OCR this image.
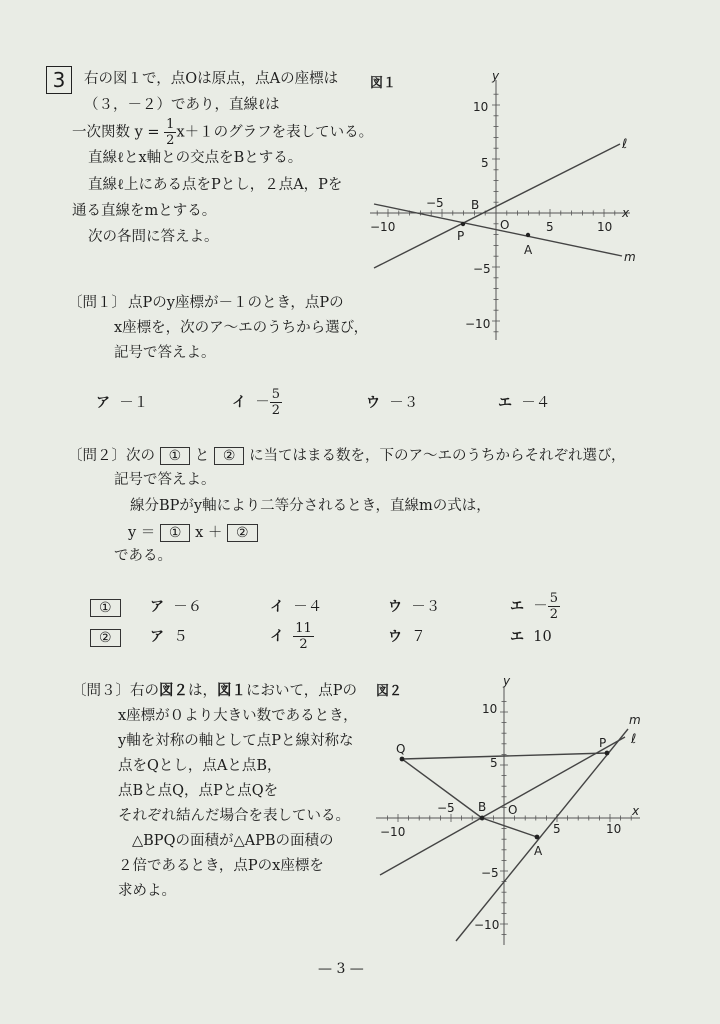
3	右の図１で，点Oは原点，点Aの座標は
（３，－２）であり，直線ℓは
一次関数 $y = \frac{1}{2} x+1$のグラフを表している。
直線ℓとx軸との交点をBとする。
直線ℓ上にある点をPとし，２点A，Pを
通る直線をmとする。
次の各問に答えよ。
図１
x
y
−10
−5
5	10
10
5
−5
−10
O
B
P
A
ℓ
m
〔問１〕 点Pのy座標が－１のとき，点Pの
x座標を，次のア～エのうちから選び，
記号で答えよ。
ア －１	イ － $\frac{5}{2}$	ウ －３	エ －４
〔問２〕次の ① と ② に当てはまる数を，下のア～エのうちからそれぞれ選び，
記号で答えよ。
線分BPがy軸により二等分されるとき，直線mの式は，
y ＝ ① x ＋ ②
である。
①	ア －６	イ －４	ウ －３	エ － $\frac{5}{2}$
②	ア ５	イ $\frac{11}{2}$	ウ ７	エ 10
〔問３〕右の図２は，図１において，点Pの
x座標が０より大きい数であるとき，
y軸を対称の軸として点Pと線対称な
点をQとし，点Aと点B，
点Bと点Q，点Pと点Qを
それぞれ結んだ場合を表している。
△BPQの面積が△APBの面積の
２倍であるとき，点Pのx座標を
求めよ。
図２
x
y
−10
−5
5	10
10
5
−5
−10
O
B
A
P
Q
ℓ
m
— 3 —
